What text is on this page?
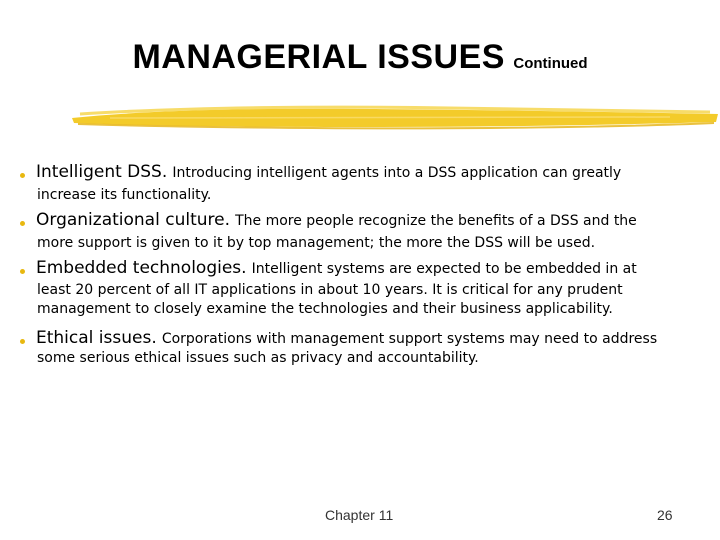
MANAGERIAL ISSUES Continued
Intelligent DSS. Introducing intelligent agents into a DSS application can greatly
increase its functionality.
Organizational culture. The more people recognize the benefits of a DSS and the
more support is given to it by top management; the more the DSS will be used.
Embedded technologies. Intelligent systems are expected to be embedded in at
least 20 percent of all IT applications in about 10 years. It is critical for any prudent
management to closely examine the technologies and their business applicability.
Ethical issues. Corporations with management support systems may need to address
some serious ethical issues such as privacy and accountability.
Chapter 11	26
